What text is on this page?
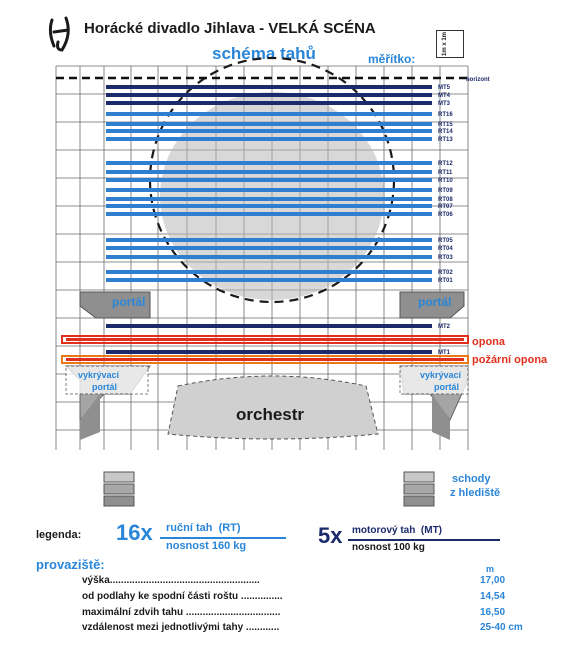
Horácké divadlo Jihlava - VELKÁ SCÉNA
schéma tahů	měřítko:
1m x 1m
horizont
MT5
MT4
MT3
RT16
RT15
RT14
RT13
RT12
RT11
RT10
RT09
RT08
RT07
RT06
RT05
RT04
RT03
RT02
RT01
MT2
MT1
portál	portál
opona
požární opona
vykrývací
portál
vykrývací
portál
orchestr
schody
z hlediště
legenda: 16x ruční tah (RT)
nosnost 160 kg	5x motorový tah (MT)
nosnost 100 kg
provaziště:	m
výška......................................................	17,00
od podlahy ke spodní části roštu ...............	14,54
maximální zdvih tahu ..................................	16,50
vzdálenost mezi jednotlivými tahy ............	25-40 cm
